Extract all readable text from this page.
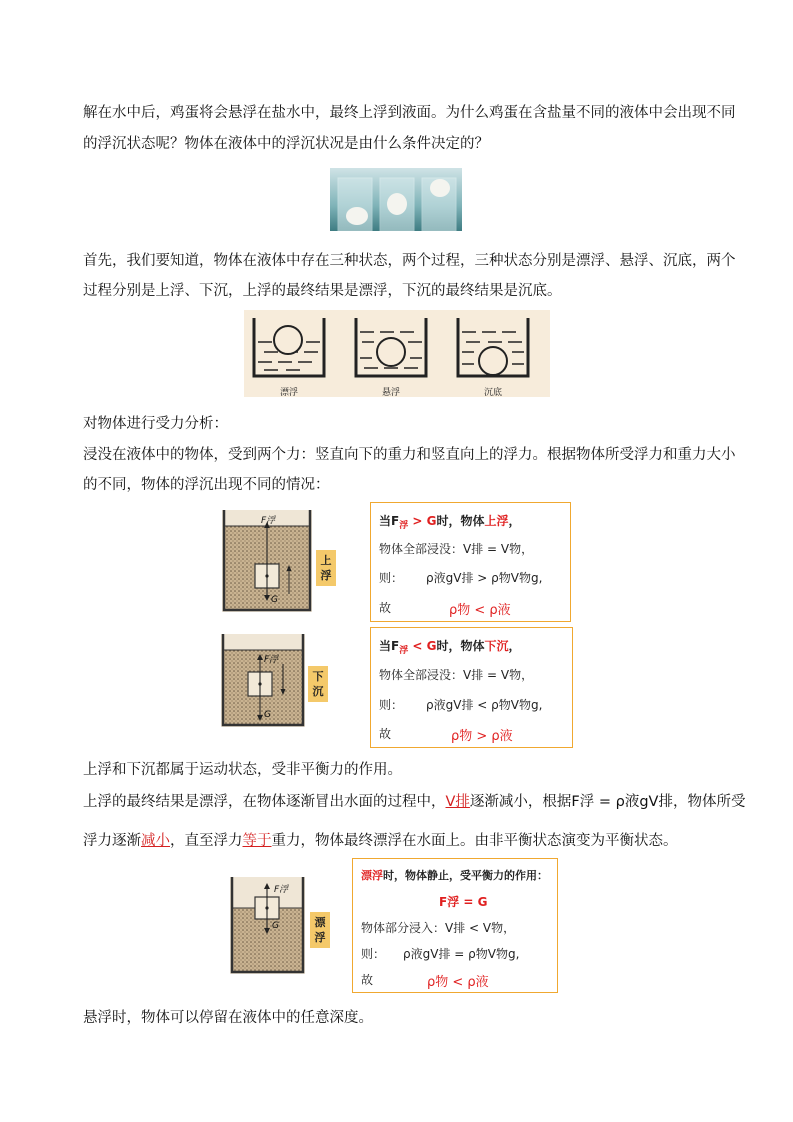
解在水中后，鸡蛋将会悬浮在盐水中，最终上浮到液面。为什么鸡蛋在含盐量不同的液体中会出现不同

的浮沉状态呢？物体在液体中的浮沉状况是由什么条件决定的？

首先，我们要知道，物体在液体中存在三种状态，两个过程，三种状态分别是漂浮、悬浮、沉底，两个

过程分别是上浮、下沉，上浮的最终结果是漂浮，下沉的最终结果是沉底。

漂浮	悬浮	沉底

对物体进行受力分析：

浸没在液体中的物体，受到两个力：竖直向下的重力和竖直向上的浮力。根据物体所受浮力和重力大小

的不同，物体的浮沉出现不同的情况：

F浮
G
上浮
当$F_浮 > G$时，物体上浮，
物体全部浸没：V排 = V物，
则： ρ液gV排 > ρ物V物g,
故	ρ物 < ρ液
F浮
G
下沉
当$F_浮 < G$时，物体下沉，
物体全部浸没：V排 = V物，
则： ρ液gV排 < ρ物V物g,
故	ρ物 > ρ液

上浮和下沉都属于运动状态，受非平衡力的作用。

上浮的最终结果是漂浮，在物体逐渐冒出水面的过程中，V排逐渐减小，根据F浮 = ρ液gV排，物体所受

浮力逐渐减小，直至浮力等于重力，物体最终漂浮在水面上。由非平衡状态演变为平衡状态。

F浮
G	漂浮
漂浮时，物体静止，受平衡力的作用：
F浮 = G
物体部分浸入：V排 < V物，
则： ρ液gV排 = ρ物V物g,
故	ρ物 < ρ液

悬浮时，物体可以停留在液体中的任意深度。
